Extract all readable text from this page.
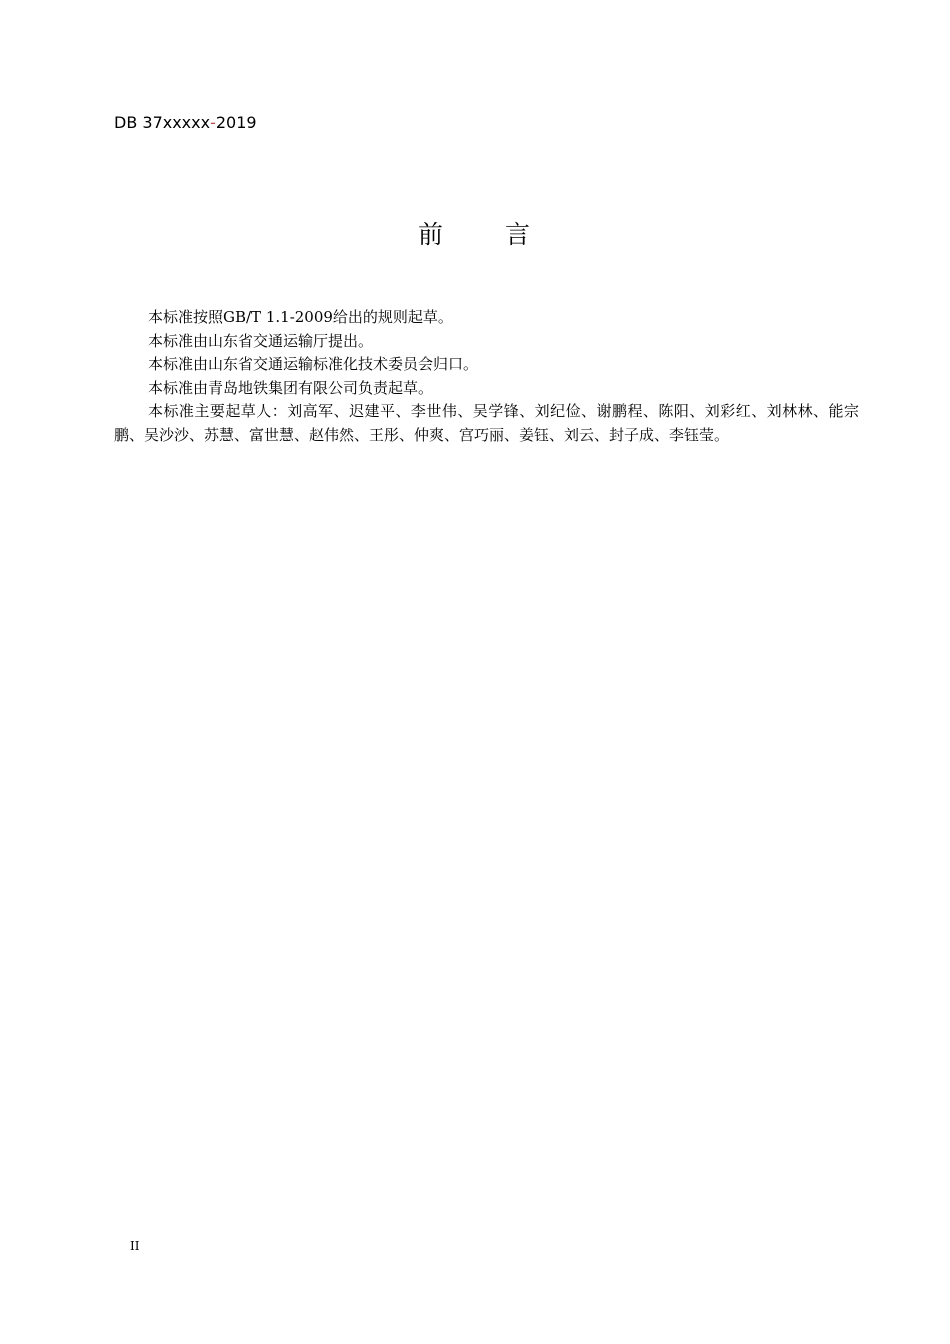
DB 37xxxxx-2019
前 言

本标准按照GB/T 1.1-2009给出的规则起草。

本标准由山东省交通运输厅提出。

本标准由山东省交通运输标准化技术委员会归口。

本标准由青岛地铁集团有限公司负责起草。

本标准主要起草人：刘高军、迟建平、李世伟、吴学锋、刘纪俭、谢鹏程、陈阳、刘彩红、刘林林、能宗鹏、吴沙沙、苏慧、富世慧、赵伟然、王彤、仲爽、宫巧丽、姜钰、刘云、封子成、李钰莹。

II
